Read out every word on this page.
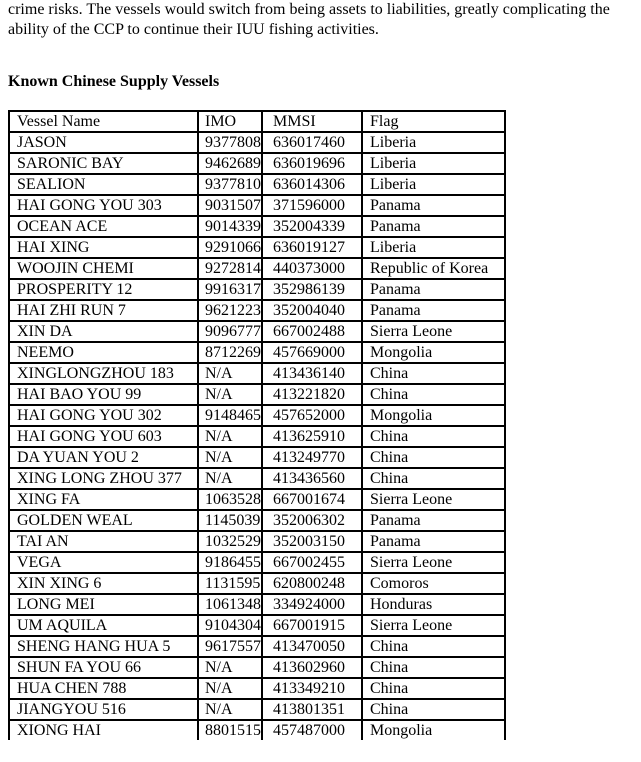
crime risks. The vessels would switch from being assets to liabilities, greatly complicating the
ability of the CCP to continue their IUU fishing activities.

Known Chinese Supply Vessels
Vessel Name	IMO	MMSI	Flag
JASON	9377808	636017460	Liberia
SARONIC BAY	9462689	636019696	Liberia
SEALION	9377810	636014306	Liberia
HAI GONG YOU 303	9031507	371596000	Panama
OCEAN ACE	9014339	352004339	Panama
HAI XING	9291066	636019127	Liberia
WOOJIN CHEMI	9272814	440373000	Republic of Korea
PROSPERITY 12	9916317	352986139	Panama
HAI ZHI RUN 7	9621223	352004040	Panama
XIN DA	9096777	667002488	Sierra Leone
NEEMO	8712269	457669000	Mongolia
XINGLONGZHOU 183	N/A	413436140	China
HAI BAO YOU 99	N/A	413221820	China
HAI GONG YOU 302	9148465	457652000	Mongolia
HAI GONG YOU 603	N/A	413625910	China
DA YUAN YOU 2	N/A	413249770	China
XING LONG ZHOU 377	N/A	413436560	China
XING FA	1063528	667001674	Sierra Leone
GOLDEN WEAL	1145039	352006302	Panama
TAI AN	1032529	352003150	Panama
VEGA	9186455	667002455	Sierra Leone
XIN XING 6	1131595	620800248	Comoros
LONG MEI	1061348	334924000	Honduras
UM AQUILA	9104304	667001915	Sierra Leone
SHENG HANG HUA 5	9617557	413470050	China
SHUN FA YOU 66	N/A	413602960	China
HUA CHEN 788	N/A	413349210	China
JIANGYOU 516	N/A	413801351	China
XIONG HAI	8801515	457487000	Mongolia
